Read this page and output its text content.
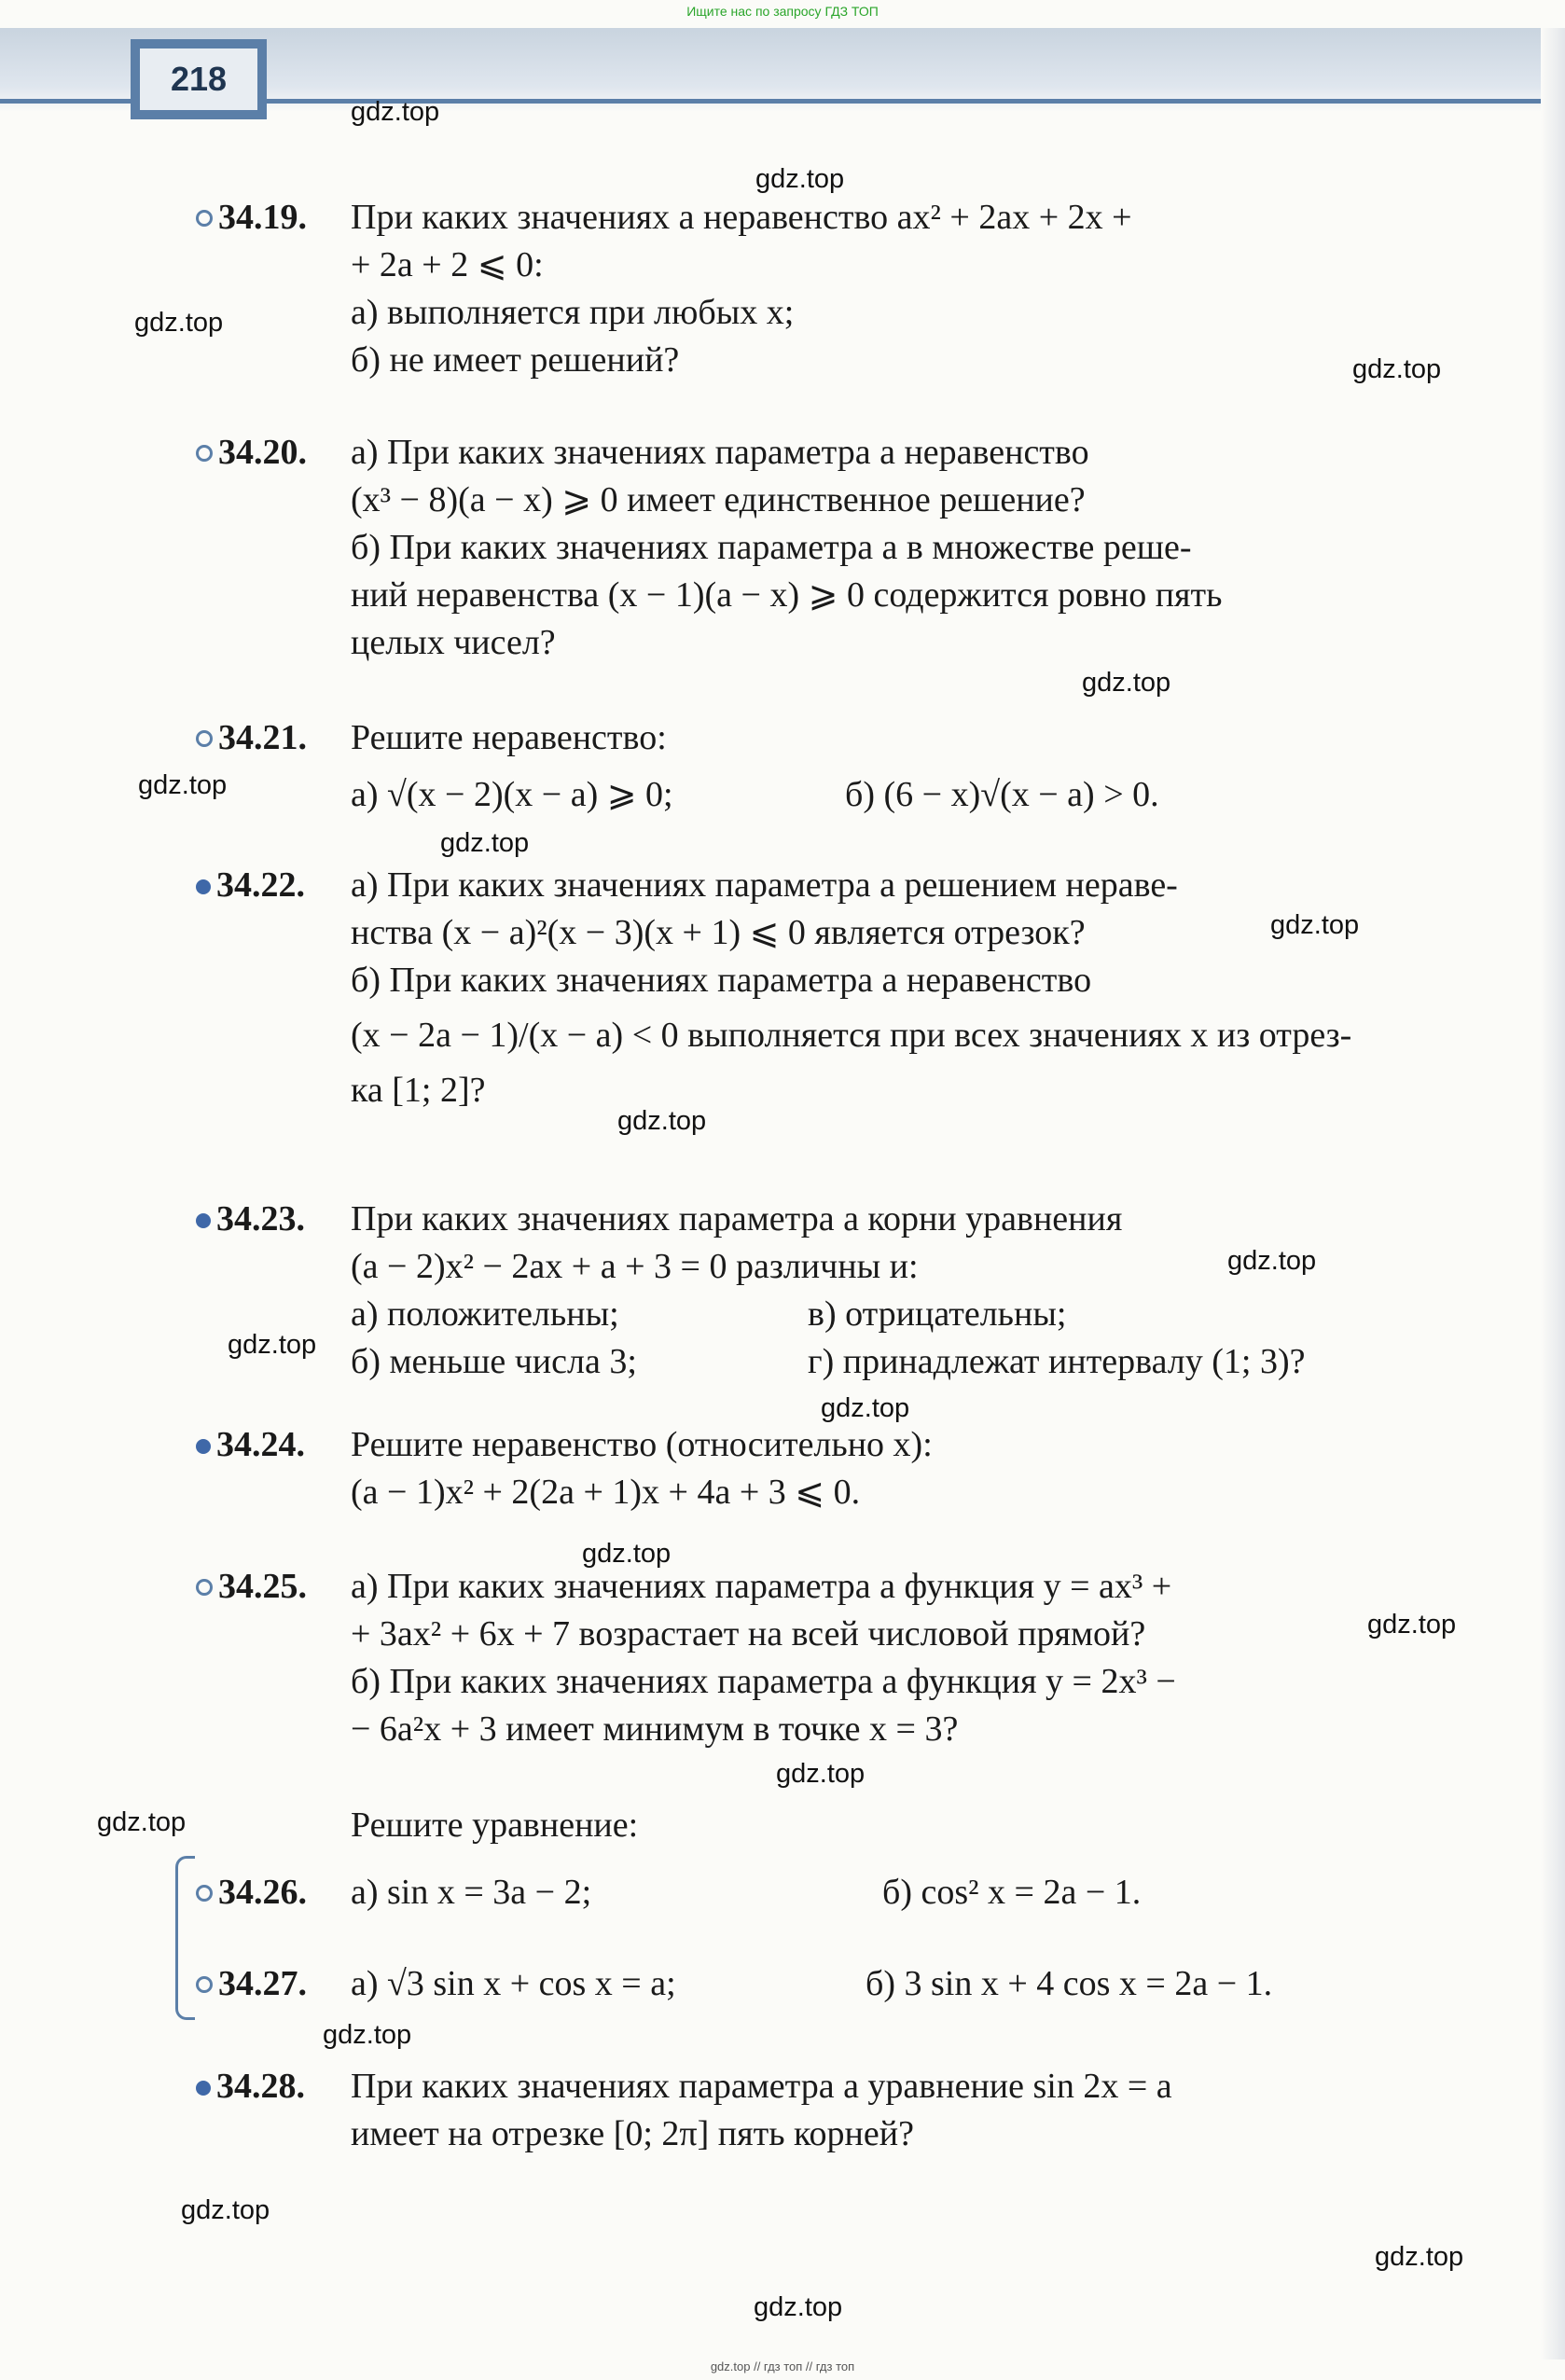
Ищите нас по запросу ГДЗ ТОП
218
gdz.top
gdz.top
gdz.top
gdz.top
gdz.top
gdz.top
gdz.top
gdz.top
gdz.top
gdz.top
gdz.top
gdz.top
gdz.top
gdz.top
gdz.top
gdz.top
gdz.top
gdz.top
gdz.top
gdz.top
34.19.	При каких значениях a неравенство ax² + 2ax + 2x +
+ 2a + 2 ⩽ 0:
а) выполняется при любых x;
б) не имеет решений?
34.20.	а) При каких значениях параметра a неравенство
(x³ − 8)(a − x) ⩾ 0 имеет единственное решение?
б) При каких значениях параметра a в множестве реше-
ний неравенства (x − 1)(a − x) ⩾ 0 содержится ровно пять
целых чисел?
34.21.	Решите неравенство:
а) √(x − 2)(x − a) ⩾ 0;	б) (6 − x)√(x − a) > 0.
34.22.	а) При каких значениях параметра a решением нераве-
нства (x − a)²(x − 3)(x + 1) ⩽ 0 является отрезок?
б) При каких значениях параметра a неравенство
(x − 2a − 1)/(x − a) < 0 выполняется при всех значениях x из отрез-
ка [1; 2]?
34.23.	При каких значениях параметра a корни уравнения
(a − 2)x² − 2ax + a + 3 = 0 различны и:
а) положительны;	в) отрицательны;
б) меньше числа 3;	г) принадлежат интервалу (1; 3)?
34.24.	Решите неравенство (относительно x):
(a − 1)x² + 2(2a + 1)x + 4a + 3 ⩽ 0.
34.25.	а) При каких значениях параметра a функция y = ax³ +
+ 3ax² + 6x + 7 возрастает на всей числовой прямой?
б) При каких значениях параметра a функция y = 2x³ −
− 6a²x + 3 имеет минимум в точке x = 3?
Решите уравнение:
34.26.	а) sin x = 3a − 2;	б) cos² x = 2a − 1.
34.27.	а) √3 sin x + cos x = a;	б) 3 sin x + 4 cos x = 2a − 1.
34.28.	При каких значениях параметра a уравнение sin 2x = a
имеет на отрезке [0; 2π] пять корней?
gdz.top // гдз топ // гдз топ
